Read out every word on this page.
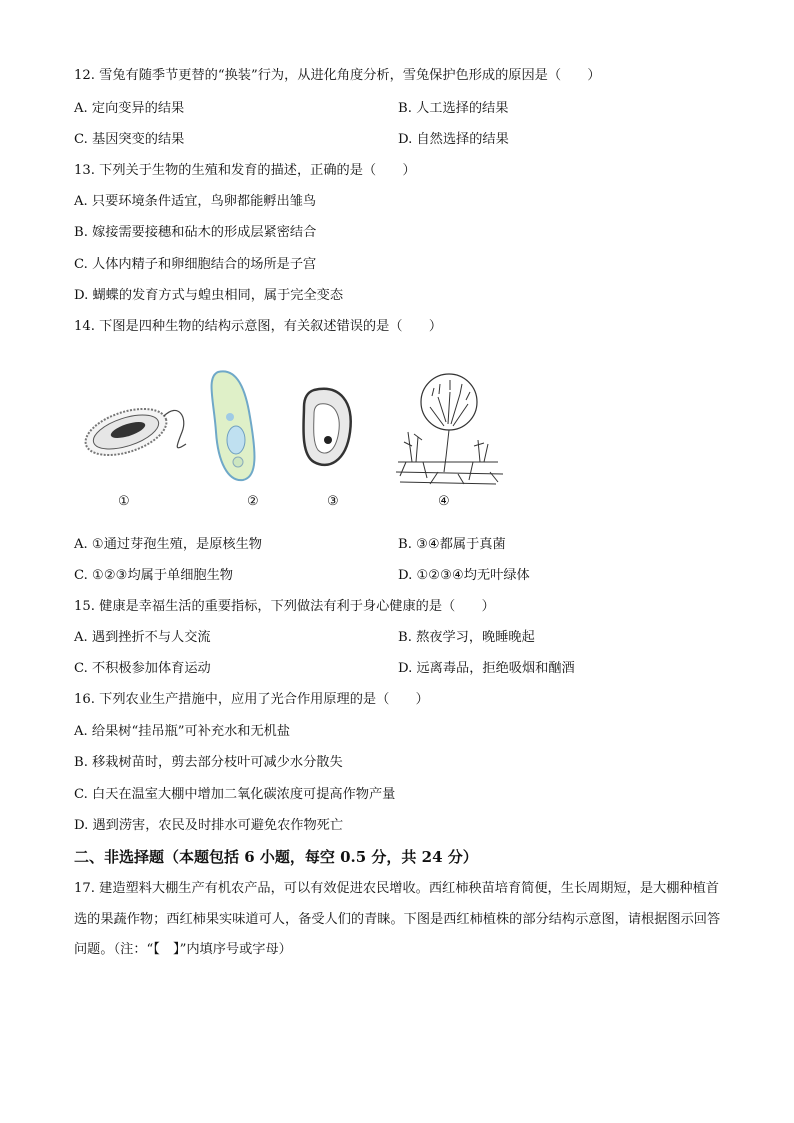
12. 雪兔有随季节更替的“换装”行为，从进化角度分析，雪兔保护色形成的原因是（　　）
A. 定向变异的结果	B. 人工选择的结果
C. 基因突变的结果	D. 自然选择的结果
13. 下列关于生物的生殖和发育的描述，正确的是（　　）
A. 只要环境条件适宜，鸟卵都能孵出雏鸟
B. 嫁接需要接穗和砧木的形成层紧密结合
C. 人体内精子和卵细胞结合的场所是子宫
D. 蝴蝶的发育方式与蝗虫相同，属于完全变态
14. 下图是四种生物的结构示意图，有关叙述错误的是（　　）
①	②	③	④
A. ①通过芽孢生殖，是原核生物	B. ③④都属于真菌
C. ①②③均属于单细胞生物	D. ①②③④均无叶绿体
15. 健康是幸福生活的重要指标，下列做法有利于身心健康的是（　　）
A. 遇到挫折不与人交流	B. 熬夜学习，晚睡晚起
C. 不积极参加体育运动	D. 远离毒品，拒绝吸烟和酗酒
16. 下列农业生产措施中，应用了光合作用原理的是（　　）
A. 给果树“挂吊瓶”可补充水和无机盐
B. 移栽树苗时，剪去部分枝叶可减少水分散失
C. 白天在温室大棚中增加二氧化碳浓度可提高作物产量
D. 遇到涝害，农民及时排水可避免农作物死亡
二、非选择题（本题包括 6 小题，每空 0.5 分，共 24 分）
17. 建造塑料大棚生产有机农产品，可以有效促进农民增收。西红柿秧苗培育简便，生长周期短，是大棚种植首选的果蔬作物；西红柿果实味道可人，备受人们的青睐。下图是西红柿植株的部分结构示意图，请根据图示回答问题。（注：“【　】”内填序号或字母）
